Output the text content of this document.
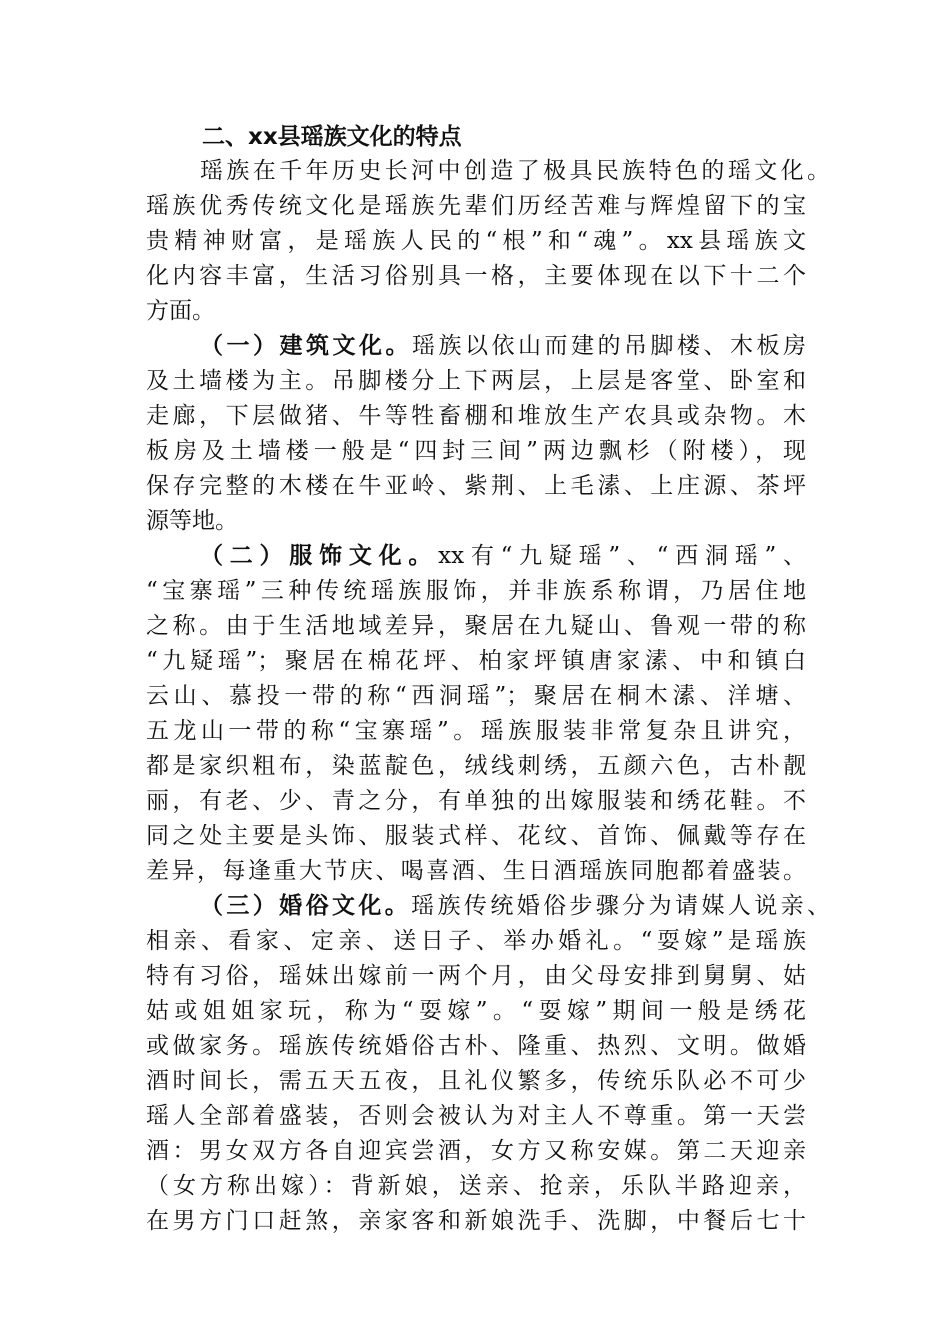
二、xx县瑶族文化的特点

瑶族在千年历史长河中创造了极具民族特色的瑶文化。

瑶族优秀传统文化是瑶族先辈们历经苦难与辉煌留下的宝

贵精神财富，是瑶族人民的“根”和“魂”。xx县瑶族文

化内容丰富，生活习俗别具一格，主要体现在以下十二个

方面。

（一）建筑文化。瑶族以依山而建的吊脚楼、木板房

及土墙楼为主。吊脚楼分上下两层，上层是客堂、卧室和

走廊，下层做猪、牛等牲畜棚和堆放生产农具或杂物。木

板房及土墙楼一般是“四封三间”两边飘杉（附楼），现

保存完整的木楼在牛亚岭、紫荆、上毛溸、上庄源、茶坪

源等地。

（二）服饰文化。xx有“九疑瑶”、“西洞瑶”、

“宝寨瑶”三种传统瑶族服饰，并非族系称谓，乃居住地

之称。由于生活地域差异，聚居在九疑山、鲁观一带的称

“九疑瑶”；聚居在棉花坪、柏家坪镇唐家溸、中和镇白

云山、慕投一带的称“西洞瑶”；聚居在桐木溸、洋塘、

五龙山一带的称“宝寨瑶”。瑶族服装非常复杂且讲究，

都是家织粗布，染蓝靛色，绒线刺绣，五颜六色，古朴靓

丽，有老、少、青之分，有单独的出嫁服装和绣花鞋。不

同之处主要是头饰、服装式样、花纹、首饰、佩戴等存在

差异，每逢重大节庆、喝喜酒、生日酒瑶族同胞都着盛装。

（三）婚俗文化。瑶族传统婚俗步骤分为请媒人说亲、

相亲、看家、定亲、送日子、举办婚礼。“耍嫁”是瑶族

特有习俗，瑶妹出嫁前一两个月，由父母安排到舅舅、姑

姑或姐姐家玩，称为“耍嫁”。“耍嫁”期间一般是绣花

或做家务。瑶族传统婚俗古朴、隆重、热烈、文明。做婚

酒时间长，需五天五夜，且礼仪繁多，传统乐队必不可少

瑶人全部着盛装，否则会被认为对主人不尊重。第一天尝

酒：男女双方各自迎宾尝酒，女方又称安媒。第二天迎亲

（女方称出嫁）：背新娘，送亲、抢亲，乐队半路迎亲，

在男方门口赶煞，亲家客和新娘洗手、洗脚，中餐后七十
